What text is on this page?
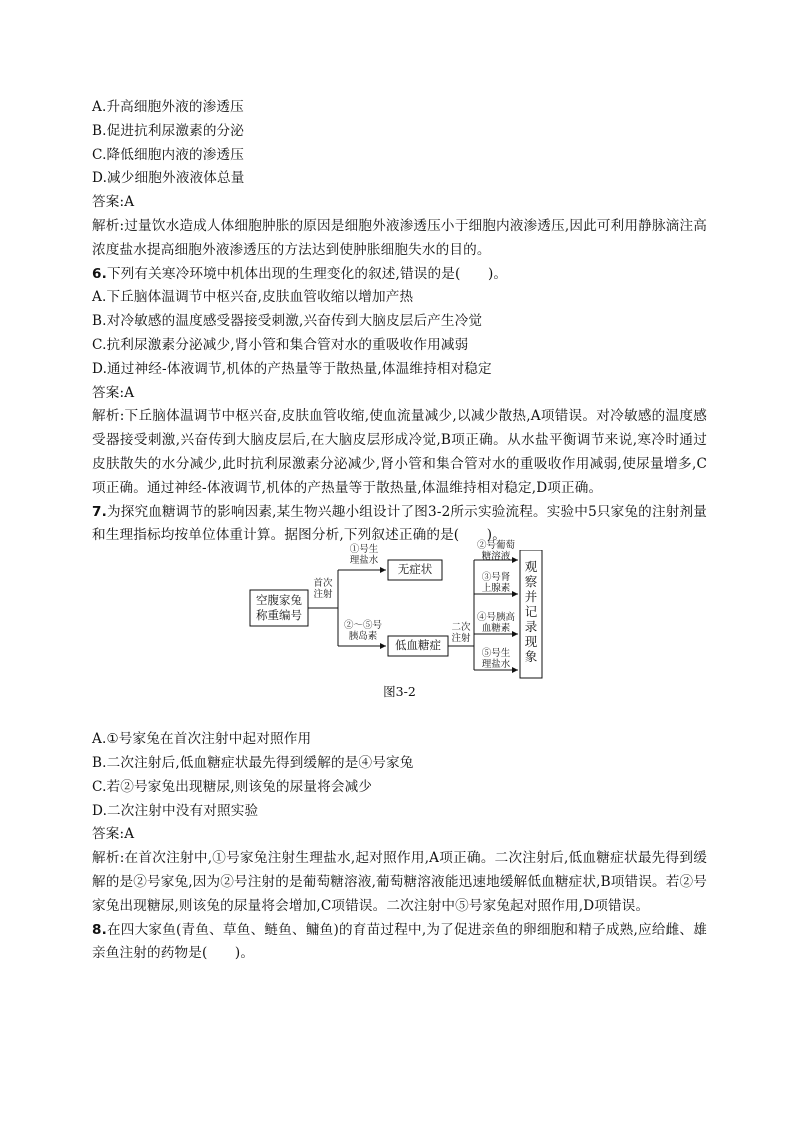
A.升高细胞外液的渗透压

B.促进抗利尿激素的分泌

C.降低细胞内液的渗透压

D.减少细胞外液液体总量

答案:A

解析:过量饮水造成人体细胞肿胀的原因是细胞外液渗透压小于细胞内液渗透压,因此可利用静脉滴注高浓度盐水提高细胞外液渗透压的方法达到使肿胀细胞失水的目的。

6.下列有关寒冷环境中机体出现的生理变化的叙述,错误的是(　　)。

A.下丘脑体温调节中枢兴奋,皮肤血管收缩以增加产热

B.对冷敏感的温度感受器接受刺激,兴奋传到大脑皮层后产生冷觉

C.抗利尿激素分泌减少,肾小管和集合管对水的重吸收作用减弱

D.通过神经-体液调节,机体的产热量等于散热量,体温维持相对稳定

答案:A

解析:下丘脑体温调节中枢兴奋,皮肤血管收缩,使血流量减少,以减少散热,A项错误。对冷敏感的温度感受器接受刺激,兴奋传到大脑皮层后,在大脑皮层形成冷觉,B项正确。从水盐平衡调节来说,寒冷时通过皮肤散失的水分减少,此时抗利尿激素分泌减少,肾小管和集合管对水的重吸收作用减弱,使尿量增多,C项正确。通过神经-体液调节,机体的产热量等于散热量,体温维持相对稳定,D项正确。

7.为探究血糖调节的影响因素,某生物兴趣小组设计了图3-2所示实验流程。实验中5只家兔的注射剂量和生理指标均按单位体重计算。据图分析,下列叙述正确的是(　　)。

空腹家兔
称重编号
首次
注射
①号生
理盐水
②～⑤号
胰岛素
无症状
低血糖症
二次
注射
②号葡萄
糖溶液
③号肾
上腺素
④号胰高
血糖素
⑤号生
理盐水
观
察
并
记
录
现
象
图3-2

A.①号家兔在首次注射中起对照作用

B.二次注射后,低血糖症状最先得到缓解的是④号家兔

C.若②号家兔出现糖尿,则该兔的尿量将会减少

D.二次注射中没有对照实验

答案:A

解析:在首次注射中,①号家兔注射生理盐水,起对照作用,A项正确。二次注射后,低血糖症状最先得到缓解的是②号家兔,因为②号注射的是葡萄糖溶液,葡萄糖溶液能迅速地缓解低血糖症状,B项错误。若②号家兔出现糖尿,则该兔的尿量将会增加,C项错误。二次注射中⑤号家兔起对照作用,D项错误。

8.在四大家鱼(青鱼、草鱼、鲢鱼、鳙鱼)的育苗过程中,为了促进亲鱼的卵细胞和精子成熟,应给雌、雄亲鱼注射的药物是(　　)。
